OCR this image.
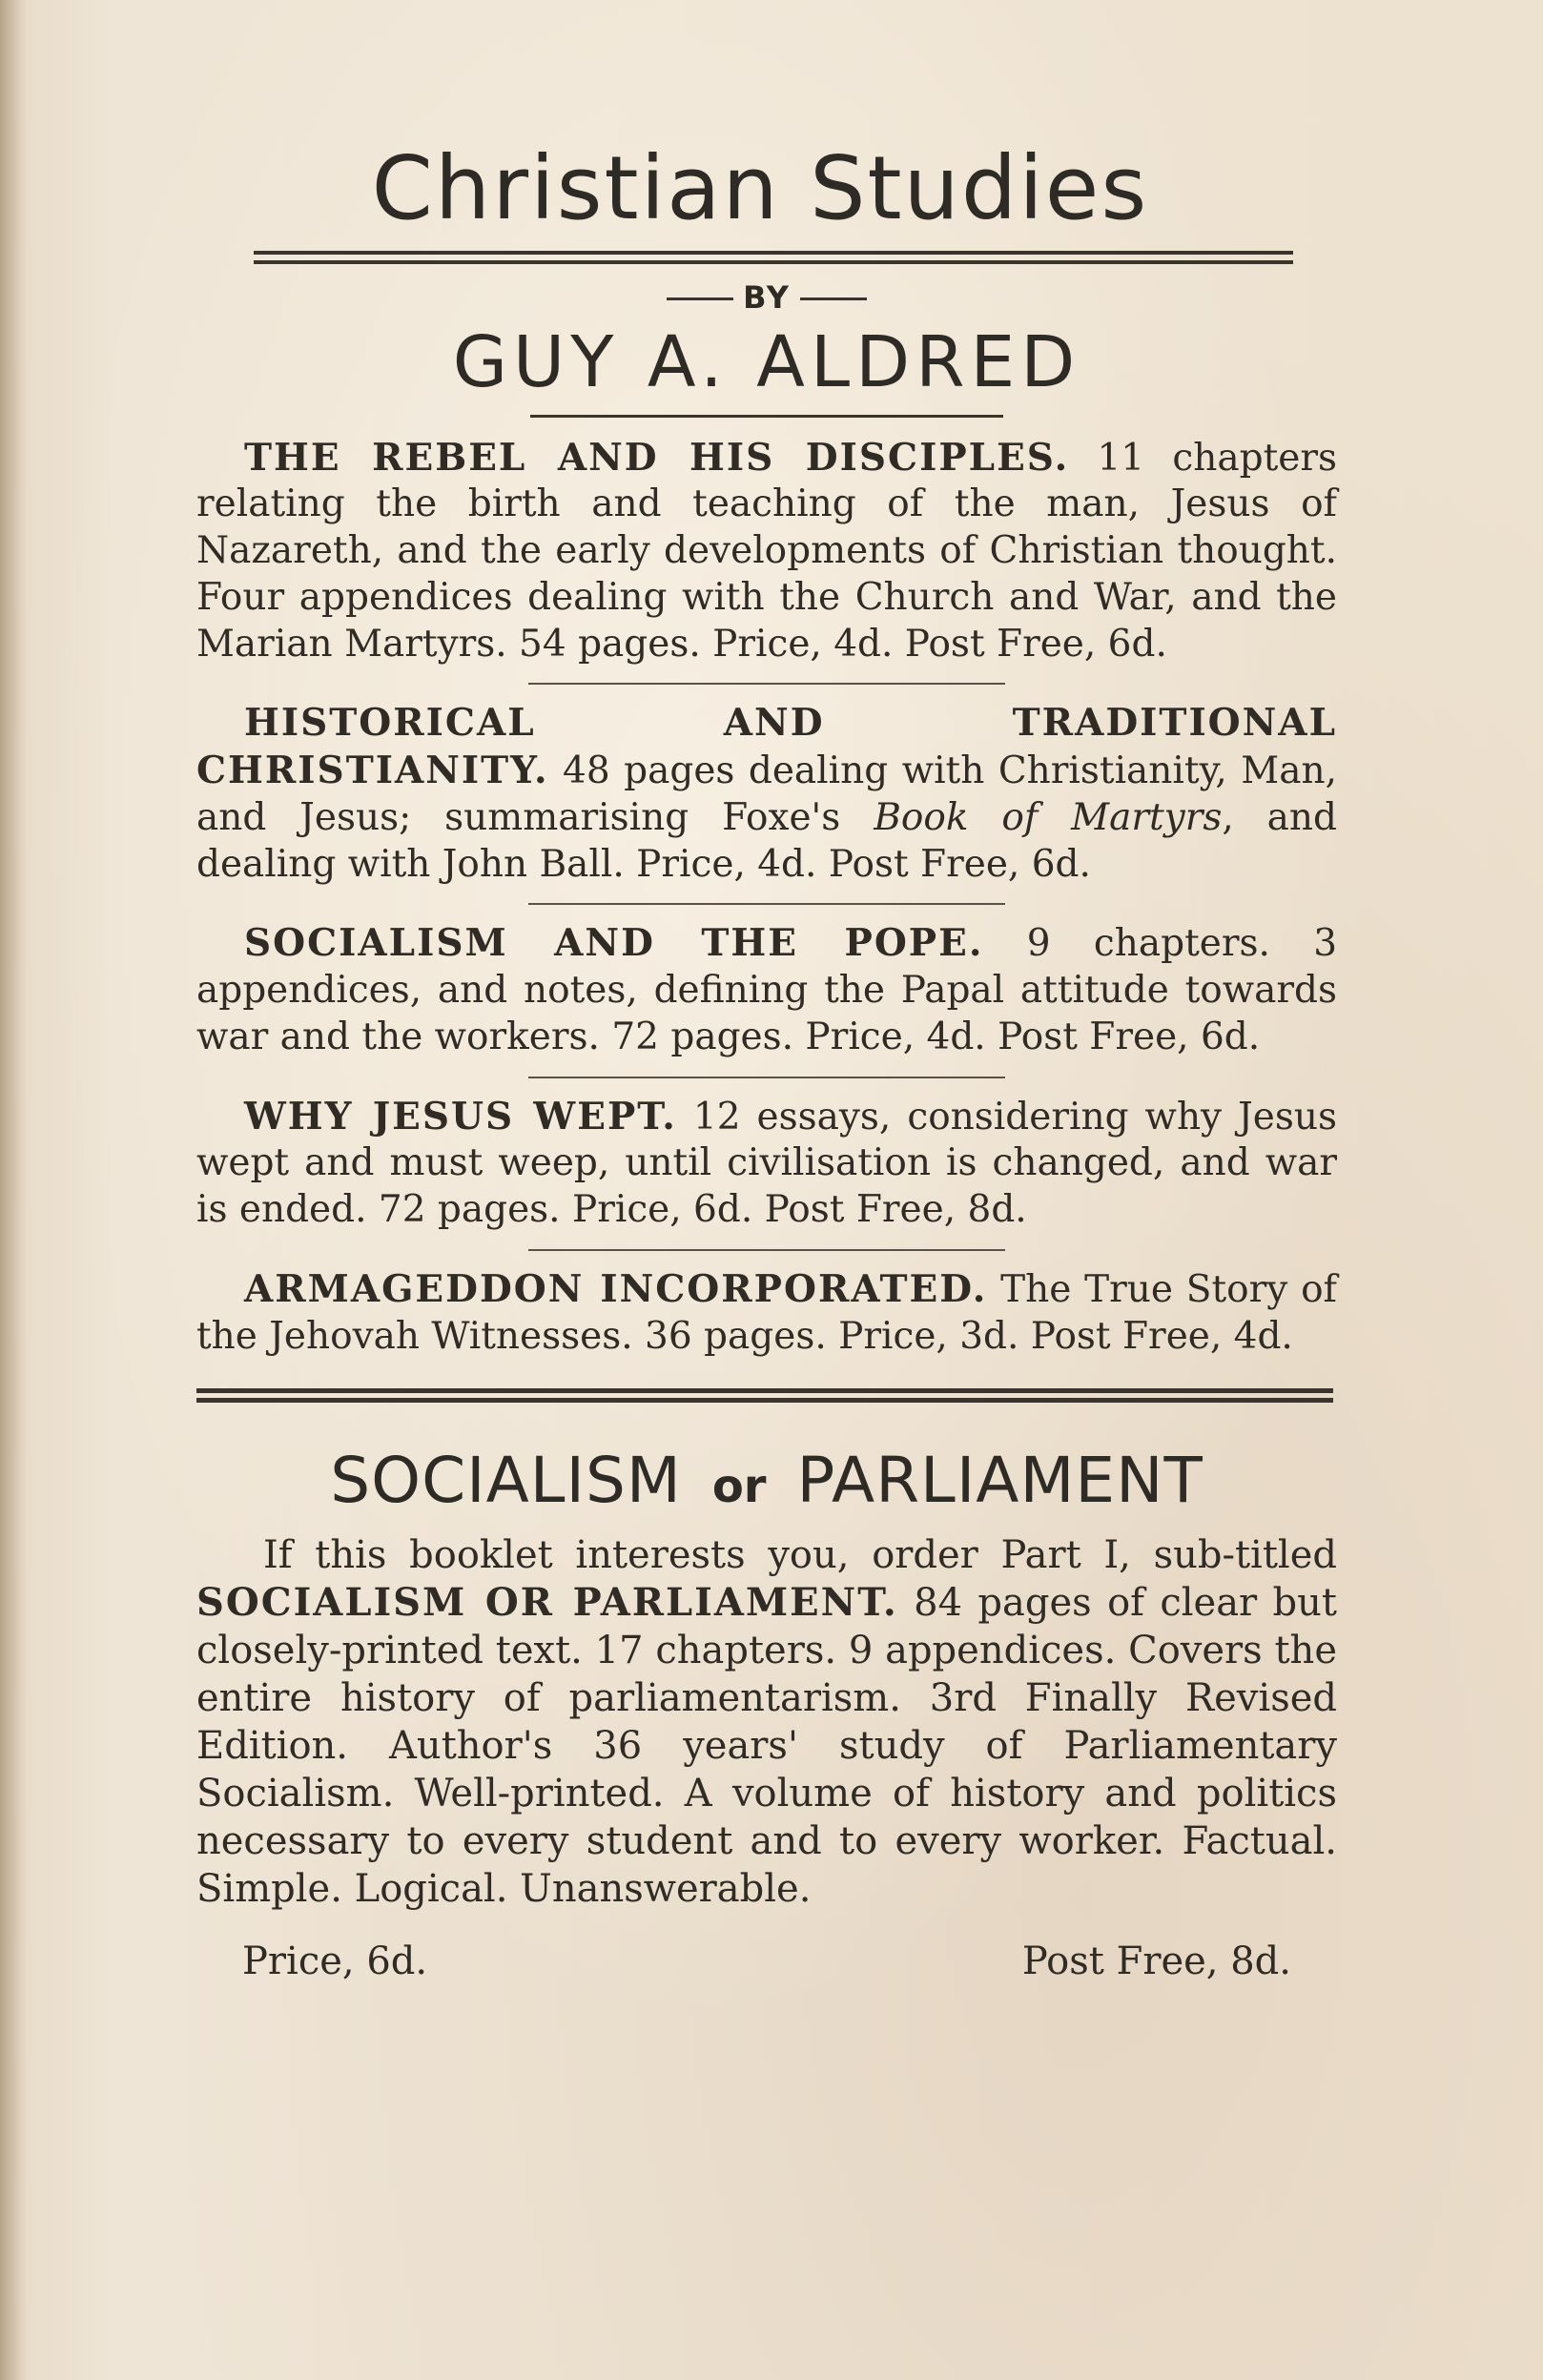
Christian Studies
BY
GUY A. ALDRED

THE REBEL AND HIS DISCIPLES. 11 chapters relating the birth and teaching of the man, Jesus of Nazareth, and the early developments of Christian thought. Four appendices dealing with the Church and War, and the Marian Martyrs. 54 pages. Price, 4d. Post Free, 6d.

HISTORICAL AND TRADITIONAL CHRISTIANITY. 48 pages dealing with Christianity, Man, and Jesus; summarising Foxe's Book of Martyrs, and dealing with John Ball. Price, 4d. Post Free, 6d.

SOCIALISM AND THE POPE. 9 chapters. 3 appendices, and notes, defining the Papal attitude towards war and the workers. 72 pages. Price, 4d. Post Free, 6d.

WHY JESUS WEPT. 12 essays, considering why Jesus wept and must weep, until civilisation is changed, and war is ended. 72 pages. Price, 6d. Post Free, 8d.

ARMAGEDDON INCORPORATED. The True Story of the Jehovah Witnesses. 36 pages. Price, 3d. Post Free, 4d.

SOCIALISM or PARLIAMENT

If this booklet interests you, order Part I, sub-titled SOCIALISM OR PARLIAMENT. 84 pages of clear but closely-printed text. 17 chapters. 9 appendices. Covers the entire history of parliamentarism. 3rd Finally Revised Edition. Author's 36 years' study of Parliamentary Socialism. Well-printed. A volume of history and politics necessary to every student and to every worker. Factual. Simple. Logical. Unanswerable.

Price, 6d.	Post Free, 8d.
